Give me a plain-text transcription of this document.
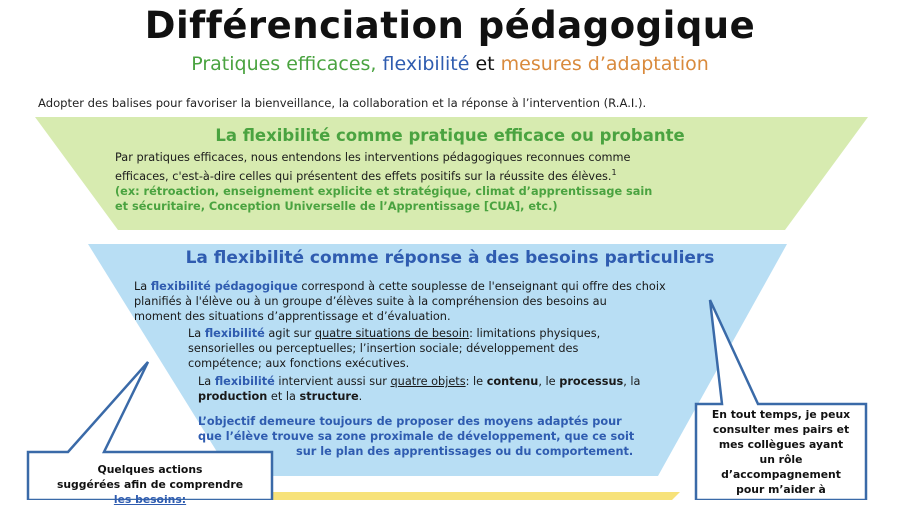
Différenciation pédagogique
Pratiques efficaces, flexibilité et mesures d’adaptation
Adopter des balises pour favoriser la bienveillance, la collaboration et la réponse à l’intervention (R.A.I.).
La flexibilité comme pratique efficace ou probante
Par pratiques efficaces, nous entendons les interventions pédagogiques reconnues comme
efficaces, c'est-à-dire celles qui présentent des effets positifs sur la réussite des élèves.$^1$
(ex: rétroaction, enseignement explicite et stratégique, climat d’apprentissage sain
et sécuritaire, Conception Universelle de l’Apprentissage [CUA], etc.)
La flexibilité comme réponse à des besoins particuliers
La flexibilité pédagogique correspond à cette souplesse de l'enseignant qui offre des choix
planifiés à l'élève ou à un groupe d’élèves suite à la compréhension des besoins au
moment des situations d’apprentissage et d’évaluation.
La flexibilité agit sur quatre situations de besoin: limitations physiques,
sensorielles ou perceptuelles; l’insertion sociale; développement des
compétence; aux fonctions exécutives.
La flexibilité intervient aussi sur quatre objets: le contenu, le processus, la
production et la structure.
L’objectif demeure toujours de proposer des moyens adaptés pour
que l’élève trouve sa zone proximale de développement, que ce soit
sur le plan des apprentissages ou du comportement.
Quelques actions
suggérées afin de comprendre
les besoins:
En tout temps, je peux
consulter mes pairs et
mes collègues ayant
un rôle
d’accompagnement
pour m’aider à
